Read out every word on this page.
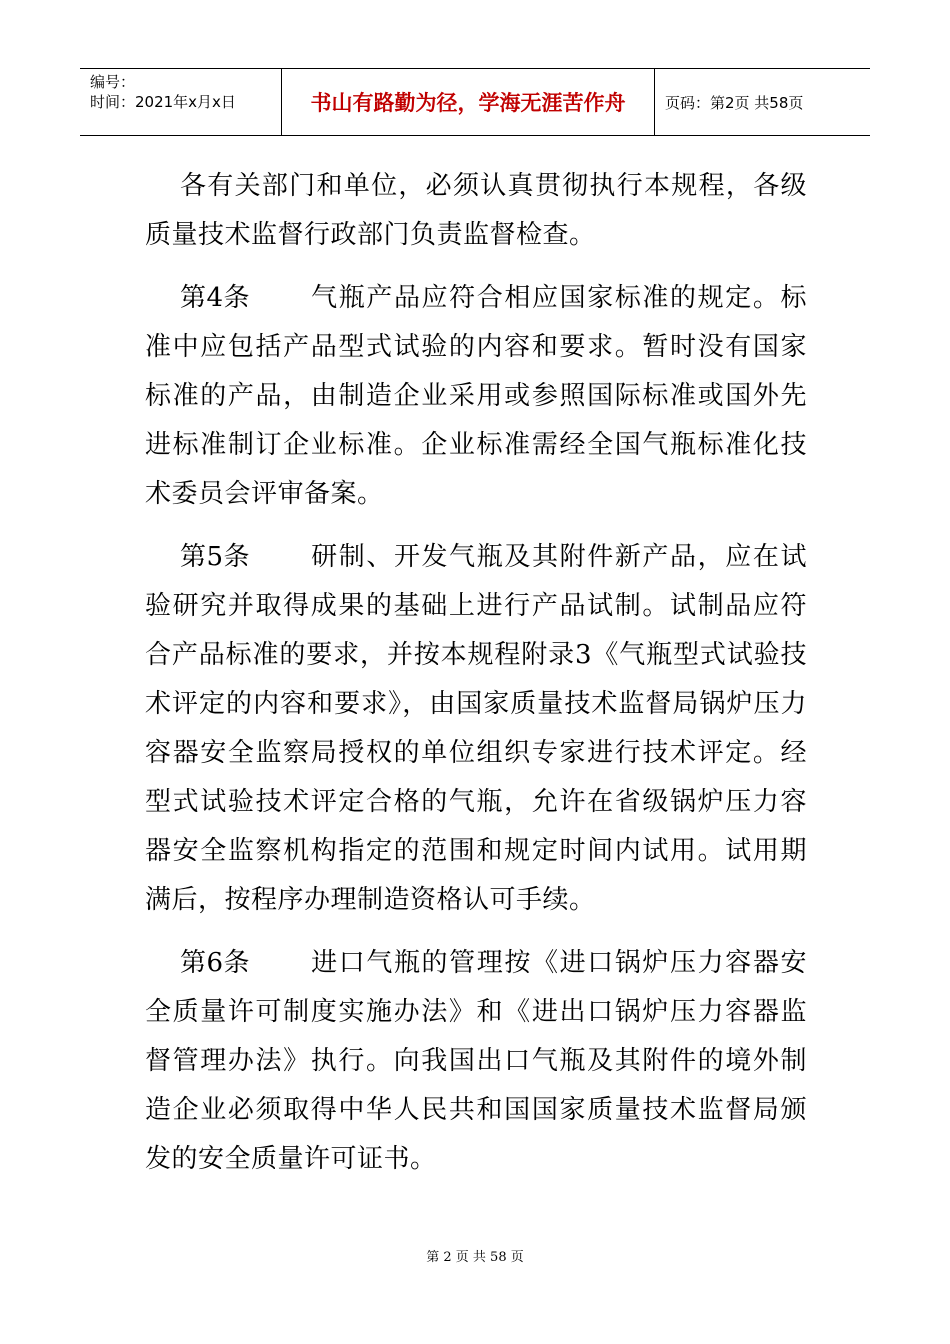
编号：
时间：2021年x月x日	书山有路勤为径，学海无涯苦作舟	页码：第2页 共58页

各有关部门和单位，必须认真贯彻执行本规程，各级质量技术监督行政部门负责监督检查。

第4条 气瓶产品应符合相应国家标准的规定。标准中应包括产品型式试验的内容和要求。暂时没有国家标准的产品，由制造企业采用或参照国际标准或国外先进标准制订企业标准。企业标准需经全国气瓶标准化技术委员会评审备案。

第5条 研制、开发气瓶及其附件新产品，应在试验研究并取得成果的基础上进行产品试制。试制品应符合产品标准的要求，并按本规程附录3《气瓶型式试验技术评定的内容和要求》，由国家质量技术监督局锅炉压力容器安全监察局授权的单位组织专家进行技术评定。经型式试验技术评定合格的气瓶，允许在省级锅炉压力容器安全监察机构指定的范围和规定时间内试用。试用期满后，按程序办理制造资格认可手续。

第6条 进口气瓶的管理按《进口锅炉压力容器安全质量许可制度实施办法》和《进出口锅炉压力容器监督管理办法》执行。向我国出口气瓶及其附件的境外制造企业必须取得中华人民共和国国家质量技术监督局颁发的安全质量许可证书。

第 2 页 共 58 页
